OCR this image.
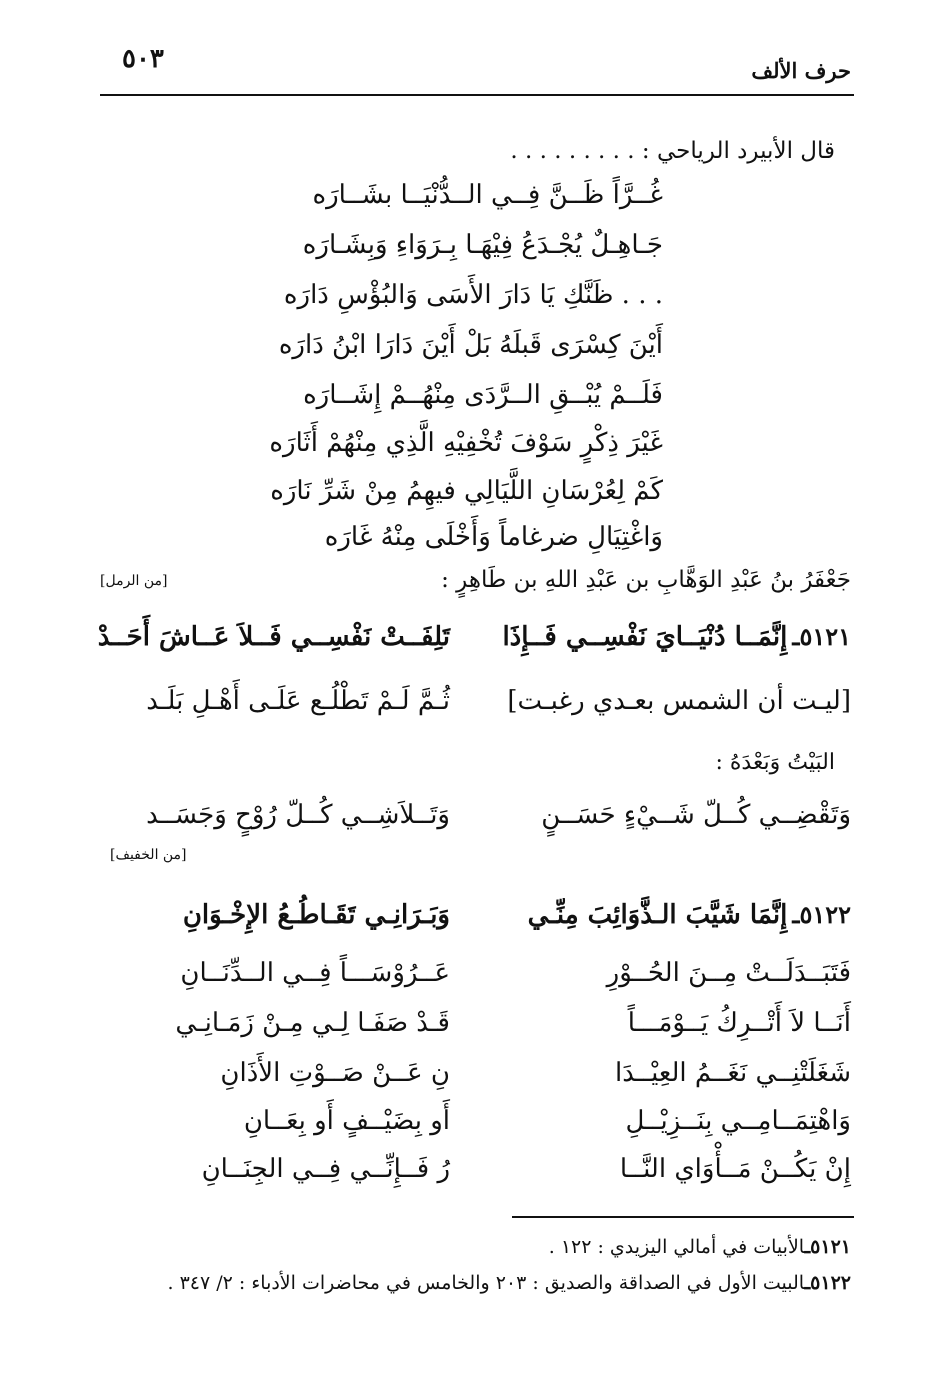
حرف الألف
٥٠٣
قال الأبيرد الرياحي : . . . . . . . . .
غُــرَّاً ظَــنَّ فِــي الــدُّنْيَــا بشَــارَه
جَـاهِـلٌ يُجْـدَعُ فِيْهَـا بِـرَوَاءِ وَبِشَـارَه
. . . ظَنَّكِ يَا دَارَ الأَسَى وَالبُؤْسِ دَارَه
أَيْنَ كِسْرَى قَبلَهُ بَلْ أَيْنَ دَارَا ابْنُ دَارَه
فَلَــمْ يُبْــقِ الــرَّدَى مِنْهُــمْ إِشَــارَه
غَيْرَ ذِكْرٍ سَوْفَ تُخْفِيْهِ الَّذِي مِنْهُمْ أَثَارَه
كَمْ لِعُرْسَانِ اللَّيَالِي فيهِمُ مِنْ شَرِّ نَارَه
وَاغْتِيَالِ ضرغاماً وَأَخْلَى مِنْهُ غَارَه
جَعْفَرُ بنُ عَبْدِ الوَهَّابِ بن عَبْدِ اللهِ بن طَاهِرٍ :
[من الرمل]
٥١٢١ـ إِنَّمَــا دُنْيَــايَ نَفْسِــي فَــإِذَا
تَلِفَــتْ نَفْسِــي فَــلاَ عَــاشَ أَحَــدْ
[ليـت أن الشمس بعـدي رغبـت]
ثُـمَّ لَـمْ تَطْلُـع عَلَـى أَهْـلِ بَلَـد
البَيْتُ وَبَعْدَهُ :
وَتَقْضِــي كُــلّ شَــيْءٍ حَسَــنٍ
وَتَــلاَشِــي كُــلّ رُوْحٍ وَجَسَــد
[من الخفيف]
٥١٢٢ـ إِنَّمَا شَيَّبَ الـذَّوَائِبَ مِنِّـي
وَبَـرَانِـي تَقَـاطُـعُ الإِخْـوَانِ
فَتَبَــدَلَــتْ مِــنَ الحُــوْرِ
عَــرُوْسَـــاً فِــي الــدِّنَــانِ
أَنَــا لاَ أَتْــرِكُ يَــوْمَـــاً
قَـدْ صَفَـا لِـي مِـنْ زَمَـانِـي
شَغَلَتْنِــي نَغَــمُ العِيْــدَا
نِ عَــنْ صَــوْتِ الأَذَانِ
وَاهْتِمَــامِــي بِنَــزِيْــلِ
أَو بِضَيْــفٍ أَو بِعَــانِ
إِنْ يَكُــنْ مَــأْوَاي النَّــا
رُ فَــإِنِّــي فِــي الجِنَــانِ
٥١٢١ـالأبيات في أمالي اليزيدي : ١٢٢ .
٥١٢٢ـالبيت الأول في الصداقة والصديق : ٢٠٣ والخامس في محاضرات الأدباء : ٢/ ٣٤٧ .
